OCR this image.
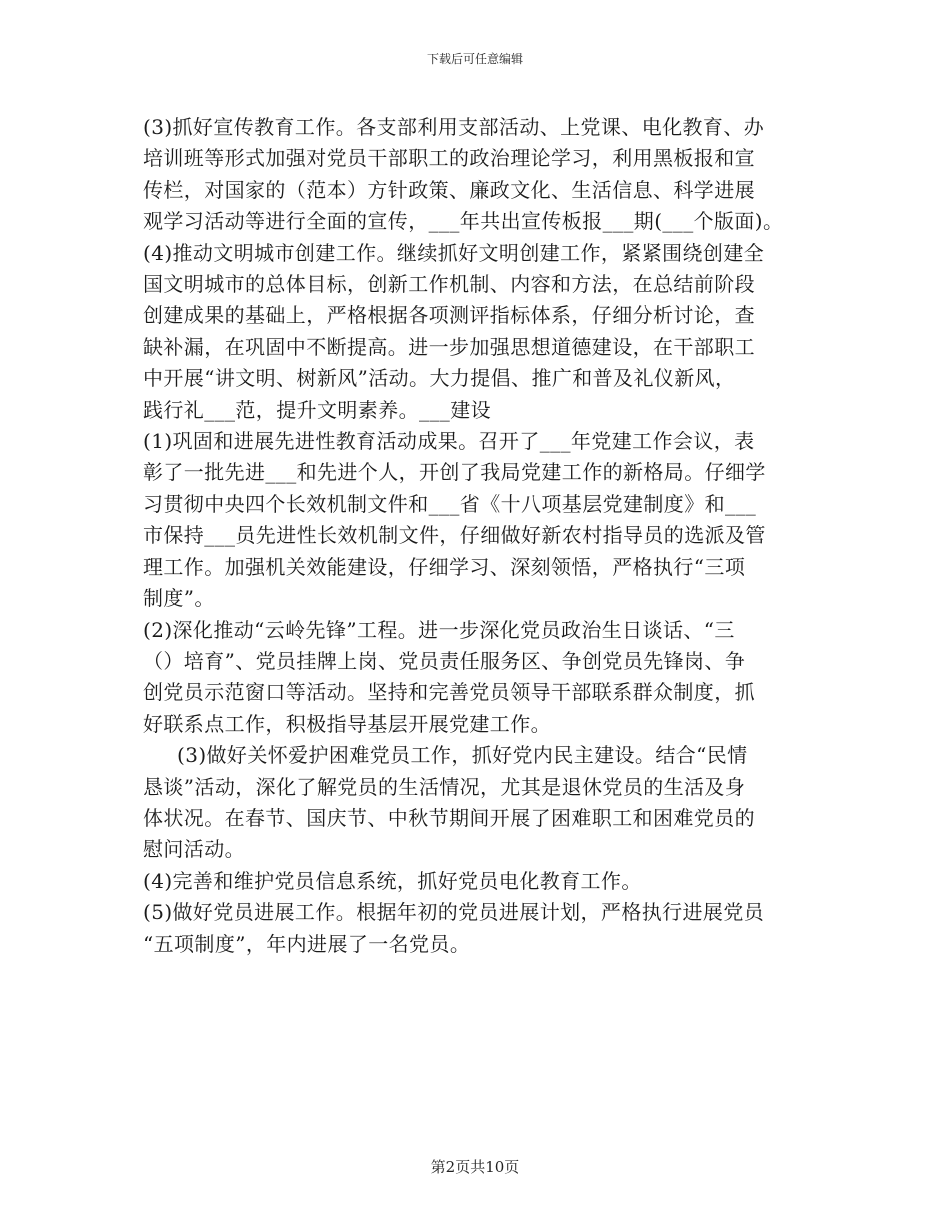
下载后可任意编辑
(3)抓好宣传教育工作。各支部利用支部活动、上党课、电化教育、办
培训班等形式加强对党员干部职工的政治理论学习，利用黑板报和宣
传栏，对国家的（范本）方针政策、廉政文化、生活信息、科学进展
观学习活动等进行全面的宣传，___年共出宣传板报___期(___个版面)。
(4)推动文明城市创建工作。继续抓好文明创建工作，紧紧围绕创建全
国文明城市的总体目标，创新工作机制、内容和方法，在总结前阶段
创建成果的基础上，严格根据各项测评指标体系，仔细分析讨论，查
缺补漏，在巩固中不断提高。进一步加强思想道德建设，在干部职工
中开展“讲文明、树新风”活动。大力提倡、推广和普及礼仪新风，
践行礼___范，提升文明素养。___建设
(1)巩固和进展先进性教育活动成果。召开了___年党建工作会议，表
彰了一批先进___和先进个人，开创了我局党建工作的新格局。仔细学
习贯彻中央四个长效机制文件和___省《十八项基层党建制度》和___
市保持___员先进性长效机制文件，仔细做好新农村指导员的选派及管
理工作。加强机关效能建设，仔细学习、深刻领悟，严格执行“三项
制度”。
(2)深化推动“云岭先锋”工程。进一步深化党员政治生日谈话、“三
（）培育”、党员挂牌上岗、党员责任服务区、争创党员先锋岗、争
创党员示范窗口等活动。坚持和完善党员领导干部联系群众制度，抓
好联系点工作，积极指导基层开展党建工作。
(3)做好关怀爱护困难党员工作，抓好党内民主建设。结合“民情
恳谈”活动，深化了解党员的生活情况，尤其是退休党员的生活及身
体状况。在春节、国庆节、中秋节期间开展了困难职工和困难党员的
慰问活动。
(4)完善和维护党员信息系统，抓好党员电化教育工作。
(5)做好党员进展工作。根据年初的党员进展计划，严格执行进展党员
“五项制度”，年内进展了一名党员。
第2页共10页
